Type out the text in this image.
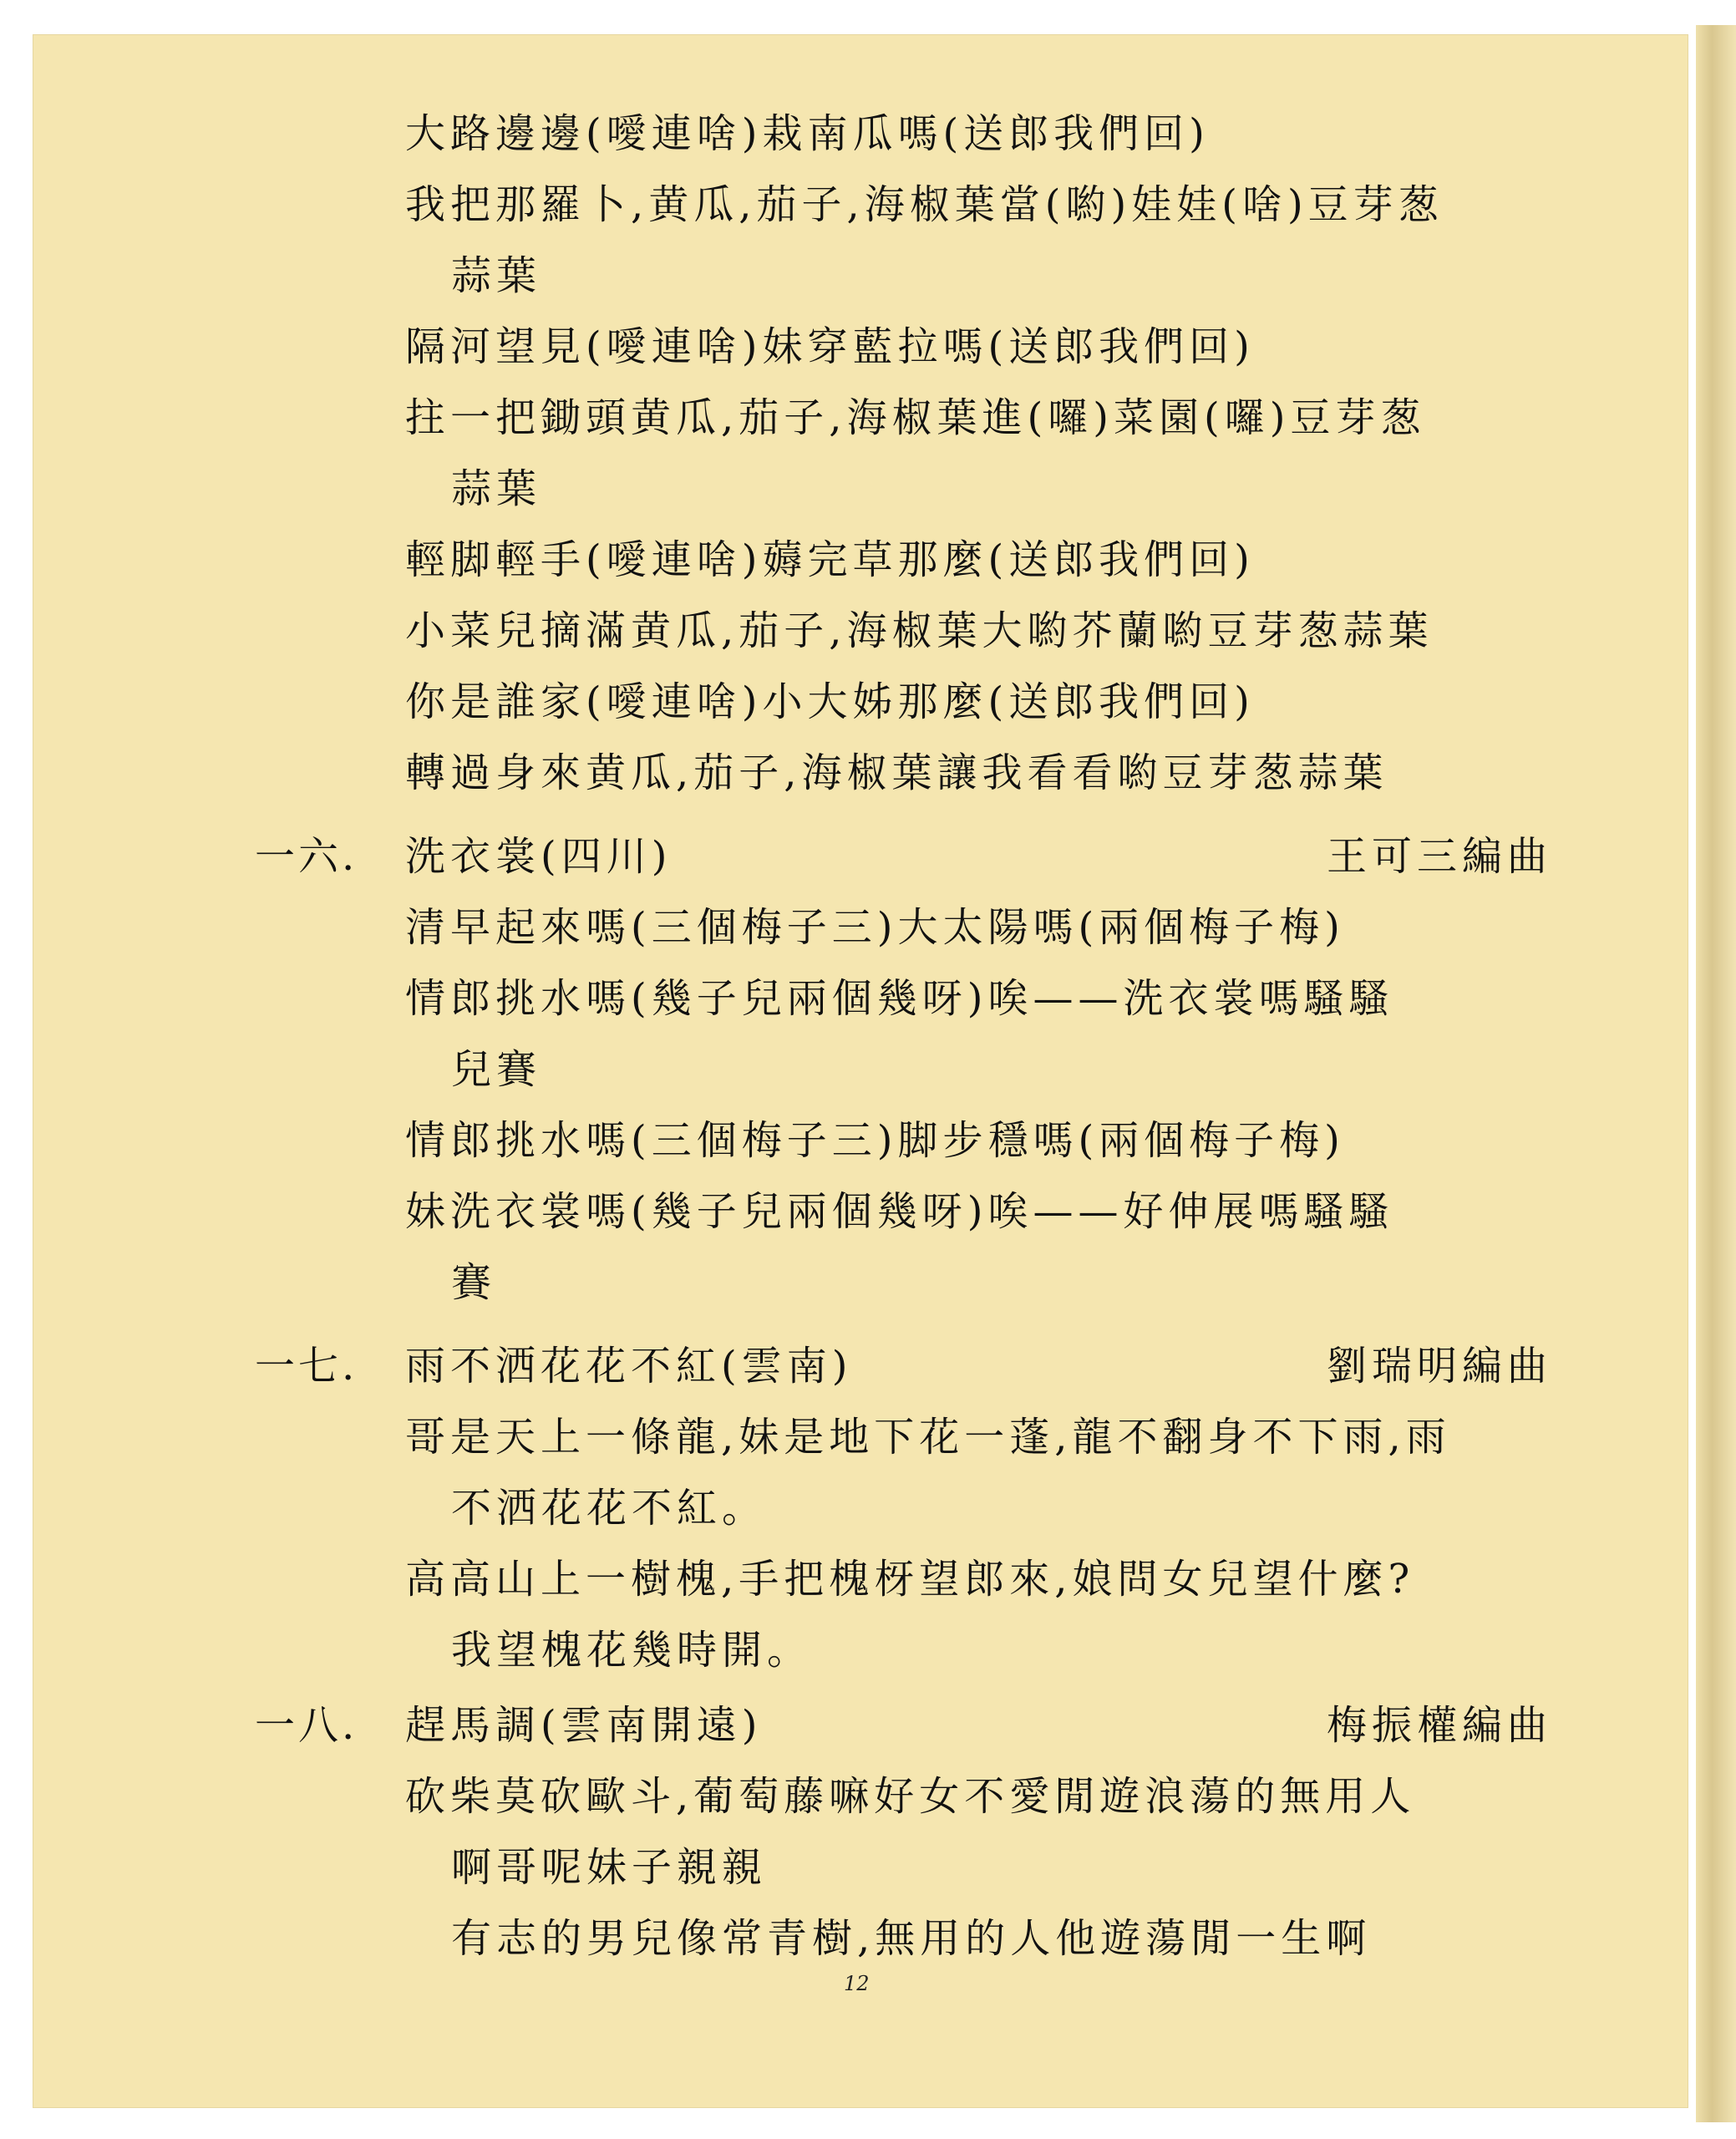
大路邊邊(噯連啥)栽南瓜嗎(送郎我們回)
我把那羅卜,黄瓜,茄子,海椒葉當(喲)娃娃(啥)豆芽葱
蒜葉
隔河望見(噯連啥)妹穿藍拉嗎(送郎我們回)
拄一把鋤頭黄瓜,茄子,海椒葉進(囉)菜園(囉)豆芽葱
蒜葉
輕脚輕手(噯連啥)薅完草那麼(送郎我們回)
小菜兒摘滿黄瓜,茄子,海椒葉大喲芥蘭喲豆芽葱蒜葉
你是誰家(噯連啥)小大姊那麼(送郎我們回)
轉過身來黄瓜,茄子,海椒葉讓我看看喲豆芽葱蒜葉
一六. 洗衣裳(四川)	王可三編曲
清早起來嗎(三個梅子三)大太陽嗎(兩個梅子梅)
情郎挑水嗎(幾子兒兩個幾呀)唉——洗衣裳嗎騷騷
兒賽
情郎挑水嗎(三個梅子三)脚步穩嗎(兩個梅子梅)
妹洗衣裳嗎(幾子兒兩個幾呀)唉——好伸展嗎騷騷
賽
一七. 雨不洒花花不紅(雲南)	劉瑞明編曲
哥是天上一條龍,妹是地下花一蓬,龍不翻身不下雨,雨
不洒花花不紅。
高高山上一樹槐,手把槐枒望郎來,娘問女兒望什麼?
我望槐花幾時開。
一八. 趕馬調(雲南開遠)	梅振權編曲
砍柴莫砍歐斗,葡萄藤嘛好女不愛閒遊浪蕩的無用人
啊哥呢妹子親親
有志的男兒像常青樹,無用的人他遊蕩閒一生啊
12
